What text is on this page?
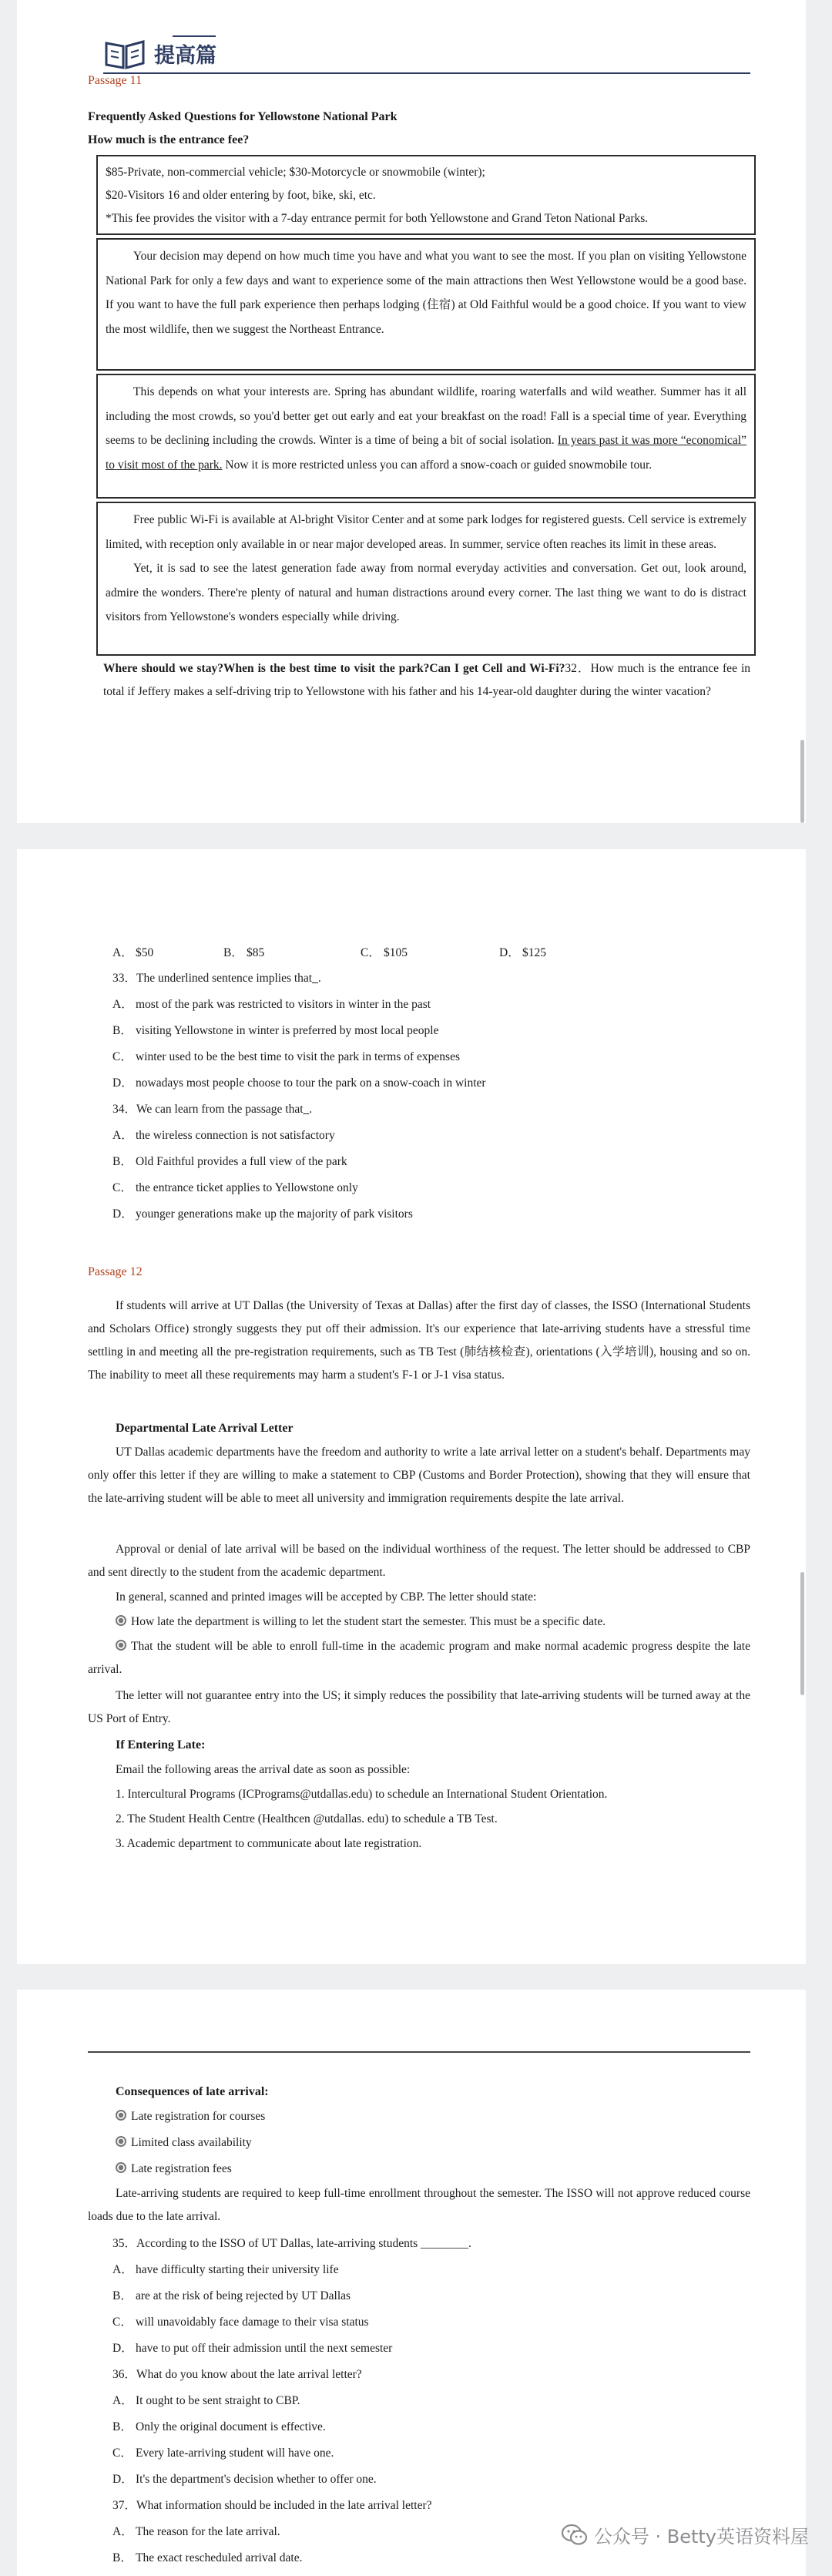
提高篇
Passage 11
Frequently Asked Questions for Yellowstone National Park
How much is the entrance fee?

$85-Private, non-commercial vehicle; $30-Motorcycle or snowmobile (winter);

$20-Visitors 16 and older entering by foot, bike, ski, etc.

*This fee provides the visitor with a 7-day entrance permit for both Yellowstone and Grand Teton National Parks.

Your decision may depend on how much time you have and what you want to see the most. If you plan on visiting Yellowstone National Park for only a few days and want to experience some of the main attractions then West Yellowstone would be a good base. If you want to have the full park experience then perhaps lodging (住宿) at Old Faithful would be a good choice. If you want to view the most wildlife, then we suggest the Northeast Entrance.

This depends on what your interests are. Spring has abundant wildlife, roaring waterfalls and wild weather. Summer has it all including the most crowds, so you'd better get out early and eat your breakfast on the road! Fall is a special time of year. Everything seems to be declining including the crowds. Winter is a time of being a bit of social isolation. In years past it was more “economical” to visit most of the park. Now it is more restricted unless you can afford a snow-coach or guided snowmobile tour.

Free public Wi-Fi is available at Al-bright Visitor Center and at some park lodges for registered guests. Cell service is extremely limited, with reception only available in or near major developed areas. In summer, service often reaches its limit in these areas.

Yet, it is sad to see the latest generation fade away from normal everyday activities and conversation. Get out, look around, admire the wonders. There're plenty of natural and human distractions around every corner. The last thing we want to do is distract visitors from Yellowstone's wonders especially while driving.

Where should we stay?When is the best time to visit the park?Can I get Cell and Wi-Fi?32．How much is the entrance fee in total if Jeffery makes a self-driving trip to Yellowstone with his father and his 14-year-old daughter during the winter vacation?
A． $50	B． $85	C． $105	D． $125
33．The underlined sentence implies that_.
A． most of the park was restricted to visitors in winter in the past
B． visiting Yellowstone in winter is preferred by most local people
C． winter used to be the best time to visit the park in terms of expenses
D． nowadays most people choose to tour the park on a snow-coach in winter
34．We can learn from the passage that_.
A． the wireless connection is not satisfactory
B． Old Faithful provides a full view of the park
C． the entrance ticket applies to Yellowstone only
D． younger generations make up the majority of park visitors
Passage 12
If students will arrive at UT Dallas (the University of Texas at Dallas) after the first day of classes, the ISSO (International Students and Scholars Office) strongly suggests they put off their admission. It's our experience that late-arriving students have a stressful time settling in and meeting all the pre-registration requirements, such as TB Test (肺结核检查), orientations (入学培训), housing and so on. The inability to meet all these requirements may harm a student's F-1 or J-1 visa status.
Departmental Late Arrival Letter
UT Dallas academic departments have the freedom and authority to write a late arrival letter on a student's behalf. Departments may only offer this letter if they are willing to make a statement to CBP (Customs and Border Protection), showing that they will ensure that the late-arriving student will be able to meet all university and immigration requirements despite the late arrival.
Approval or denial of late arrival will be based on the individual worthiness of the request. The letter should be addressed to CBP and sent directly to the student from the academic department.
In general, scanned and printed images will be accepted by CBP. The letter should state:
How late the department is willing to let the student start the semester. This must be a specific date.
That the student will be able to enroll full-time in the academic program and make normal academic progress despite the late arrival.
The letter will not guarantee entry into the US; it simply reduces the possibility that late-arriving students will be turned away at the US Port of Entry.
If Entering Late:
Email the following areas the arrival date as soon as possible:
1. Intercultural Programs (ICPrograms@utdallas.edu) to schedule an International Student Orientation.
2. The Student Health Centre (Healthcen @utdallas. edu) to schedule a TB Test.
3. Academic department to communicate about late registration.
Consequences of late arrival:
Late registration for courses
Limited class availability
Late registration fees
Late-arriving students are required to keep full-time enrollment throughout the semester. The ISSO will not approve reduced course loads due to the late arrival.
35．According to the ISSO of UT Dallas, late-arriving students ________.
A． have difficulty starting their university life
B． are at the risk of being rejected by UT Dallas
C． will unavoidably face damage to their visa status
D． have to put off their admission until the next semester
36．What do you know about the late arrival letter?
A． It ought to be sent straight to CBP.
B． Only the original document is effective.
C． Every late-arriving student will have one.
D． It's the department's decision whether to offer one.
37．What information should be included in the late arrival letter?
A． The reason for the late arrival.
B． The exact rescheduled arrival date.
公众号 · Betty英语资料屋
